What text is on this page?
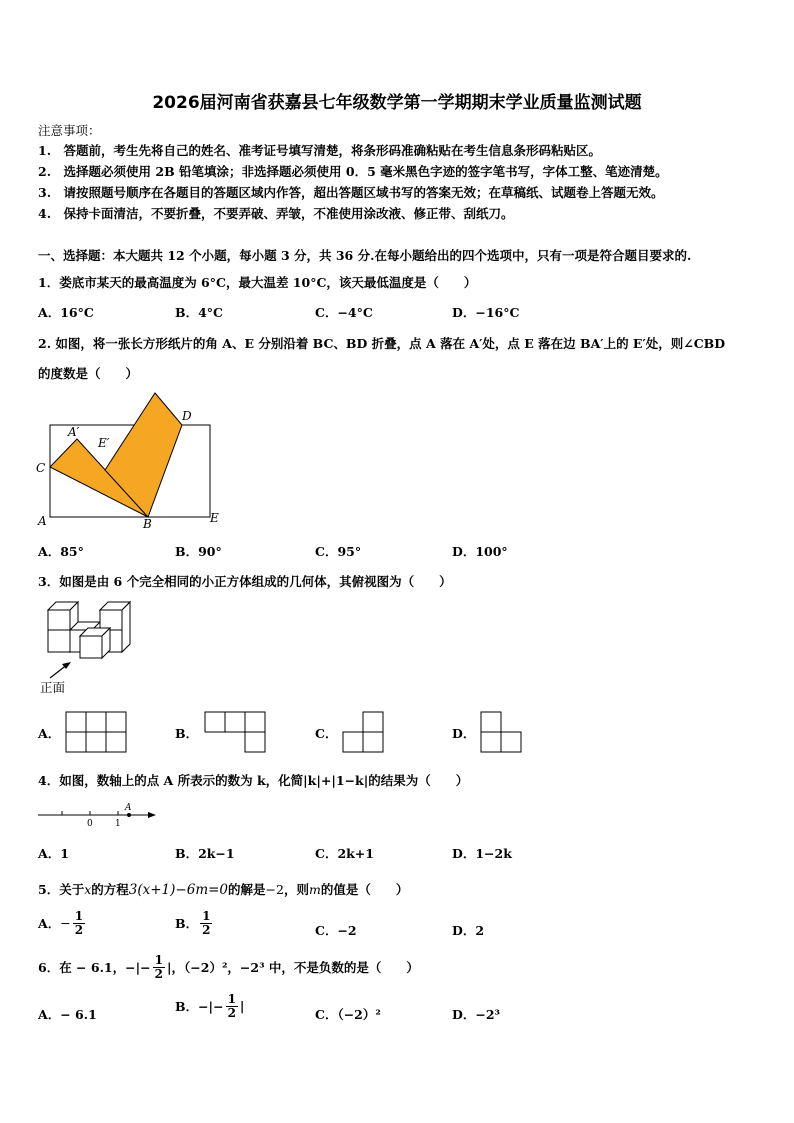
2026届河南省获嘉县七年级数学第一学期期末学业质量监测试题
注意事项：
1.　答题前，考生先将自己的姓名、准考证号填写清楚，将条形码准确粘贴在考生信息条形码粘贴区。
2.　选择题必须使用 2B 铅笔填涂；非选择题必须使用 0．5 毫米黑色字迹的签字笔书写，字体工整、笔迹清楚。
3.　请按照题号顺序在各题目的答题区域内作答，超出答题区域书写的答案无效；在草稿纸、试题卷上答题无效。
4.　保持卡面清洁，不要折叠，不要弄破、弄皱，不准使用涂改液、修正带、刮纸刀。
一、选择题：本大题共 12 个小题，每小题 3 分，共 36 分.在每小题给出的四个选项中，只有一项是符合题目要求的.
1．娄底市某天的最高温度为 6°C，最大温差 10°C，该天最低温度是（　　）
A．16°C	B．4°C	C．−4°C	D．−16°C
2. 如图，将一张长方形纸片的角 A、E 分别沿着 BC、BD 折叠，点 A 落在 A′处，点 E 落在边 BA′上的 E′处，则∠CBD
的度数是（　　）
C
A	B
D
E
A′
E′
A．85°	B．90°	C．95°	D．100°
3．如图是由 6 个完全相同的小正方体组成的几何体，其俯视图为（　　）
正面
A．	B．	C．	D．
4．如图，数轴上的点 A 所表示的数为 k，化简|k|+|1−k|的结果为（　　）
0 1
A
A．1	B．2k−1	C．2k+1	D．1−2k
5．关于x的方程3(x+1)−6m=0的解是−2，则m的值是（　　）
A．− $\frac{1}{2}$	B． $\frac{1}{2}$	C．−2	D．2
6．在 − 6.1，−|− $\frac{1}{2}$ |，（−2）²，−2³ 中，不是负数的是（　　）
A．− 6.1
B．−|− $\frac{1}{2}$ |
C．（−2）²	D．−2³
